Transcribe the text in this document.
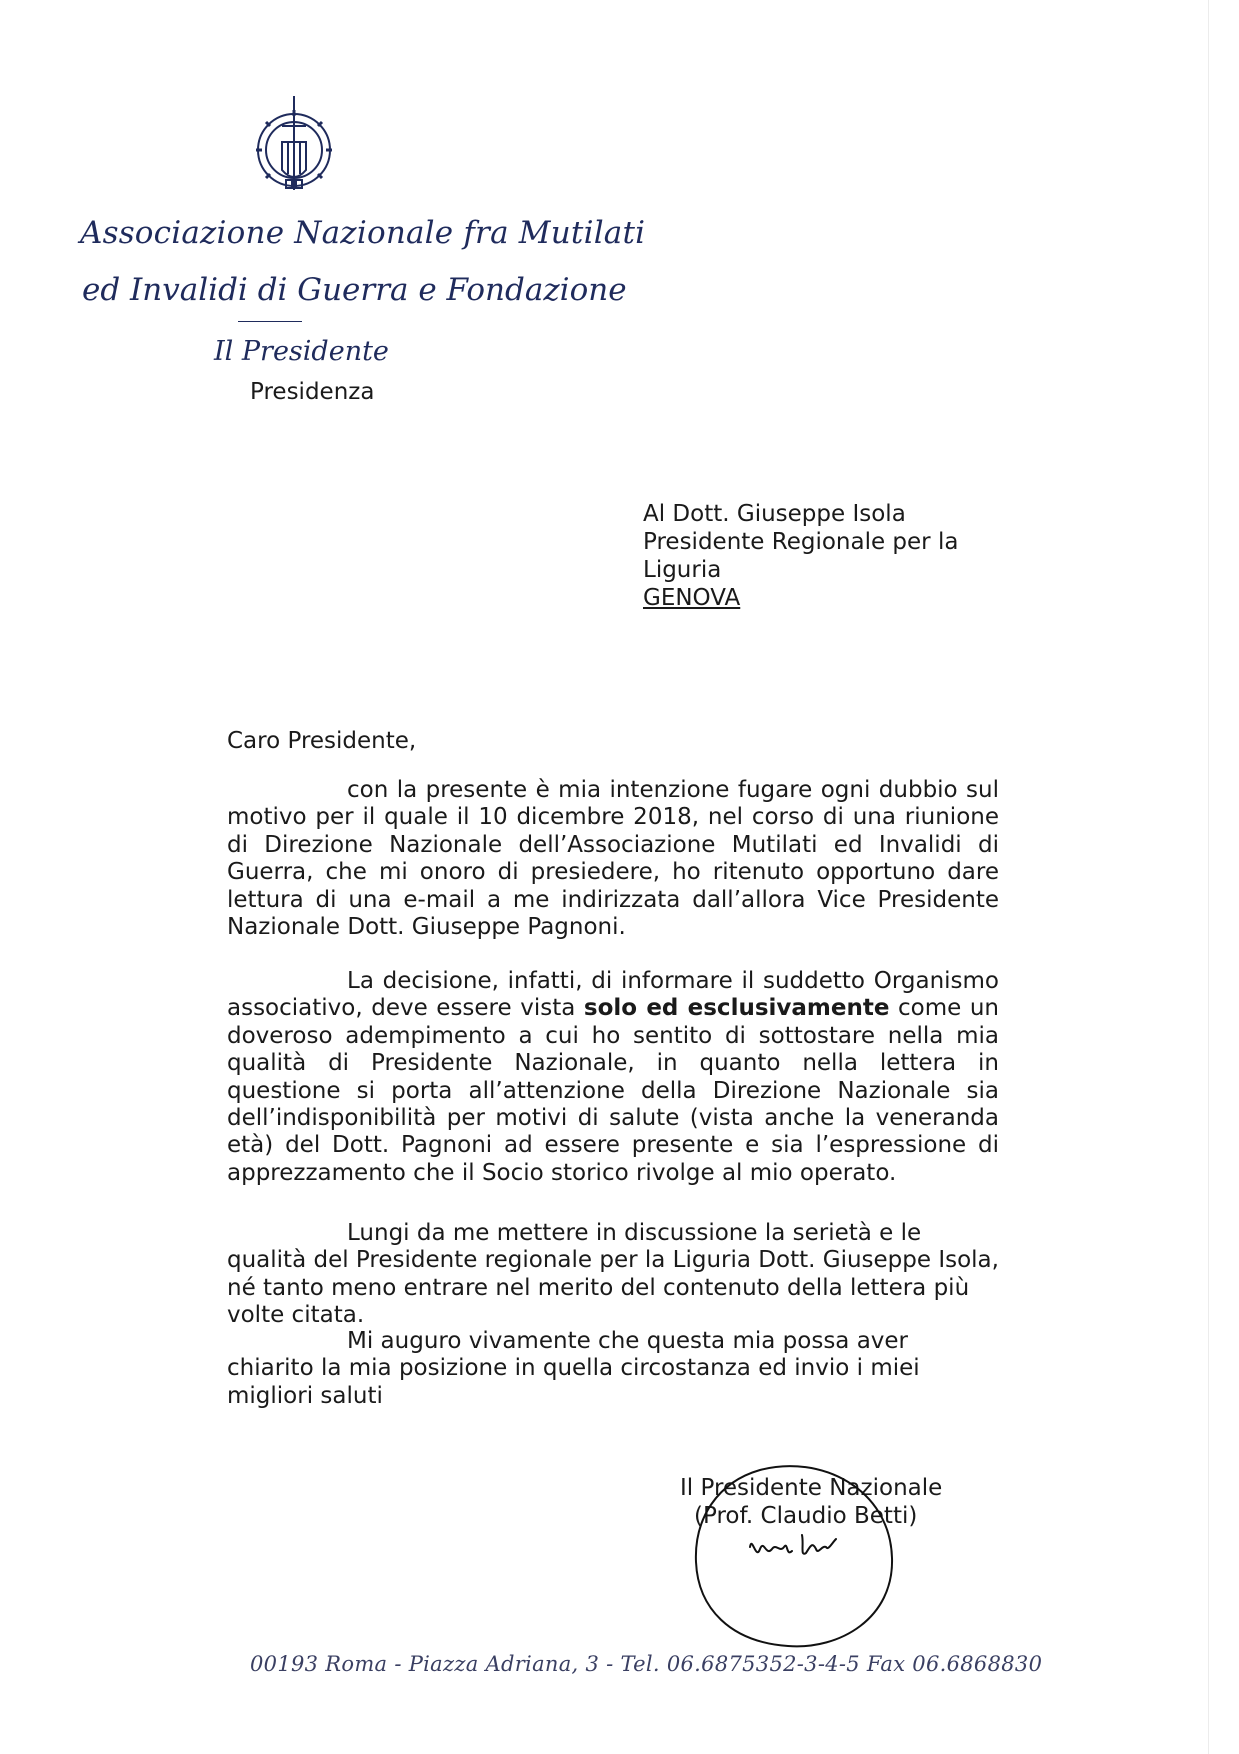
Associazione Nazionale fra Mutilati
ed Invalidi di Guerra e Fondazione
Il Presidente
Presidenza
Al Dott. Giuseppe Isola
Presidente Regionale per la
Liguria
GENOVA
Caro Presidente,

con la presente è mia intenzione fugare ogni dubbio sul motivo per il quale il 10 dicembre 2018, nel corso di una riunione di Direzione Nazionale dell’Associazione Mutilati ed Invalidi di Guerra, che mi onoro di presiedere, ho ritenuto opportuno dare lettura di una e-mail a me indirizzata dall’allora Vice Presidente Nazionale Dott. Giuseppe Pagnoni.

La decisione, infatti, di informare il suddetto Organismo associativo, deve essere vista solo ed esclusivamente come un doveroso adempimento a cui ho sentito di sottostare nella mia qualità di Presidente Nazionale, in quanto nella lettera in questione si porta all’attenzione della Direzione Nazionale sia dell’indisponibilità per motivi di salute (vista anche la veneranda età) del Dott. Pagnoni ad essere presente e sia l’espressione di apprezzamento che il Socio storico rivolge al mio operato.

Lungi da me mettere in discussione la serietà e le qualità del Presidente regionale per la Liguria Dott. Giuseppe Isola, né tanto meno entrare nel merito del contenuto della lettera più volte citata.

Mi auguro vivamente che questa mia possa aver chiarito la mia posizione in quella circostanza ed invio i miei migliori saluti

Il Presidente Nazionale
(Prof. Claudio Betti)
00193 Roma - Piazza Adriana, 3 - Tel. 06.6875352-3-4-5 Fax 06.6868830
